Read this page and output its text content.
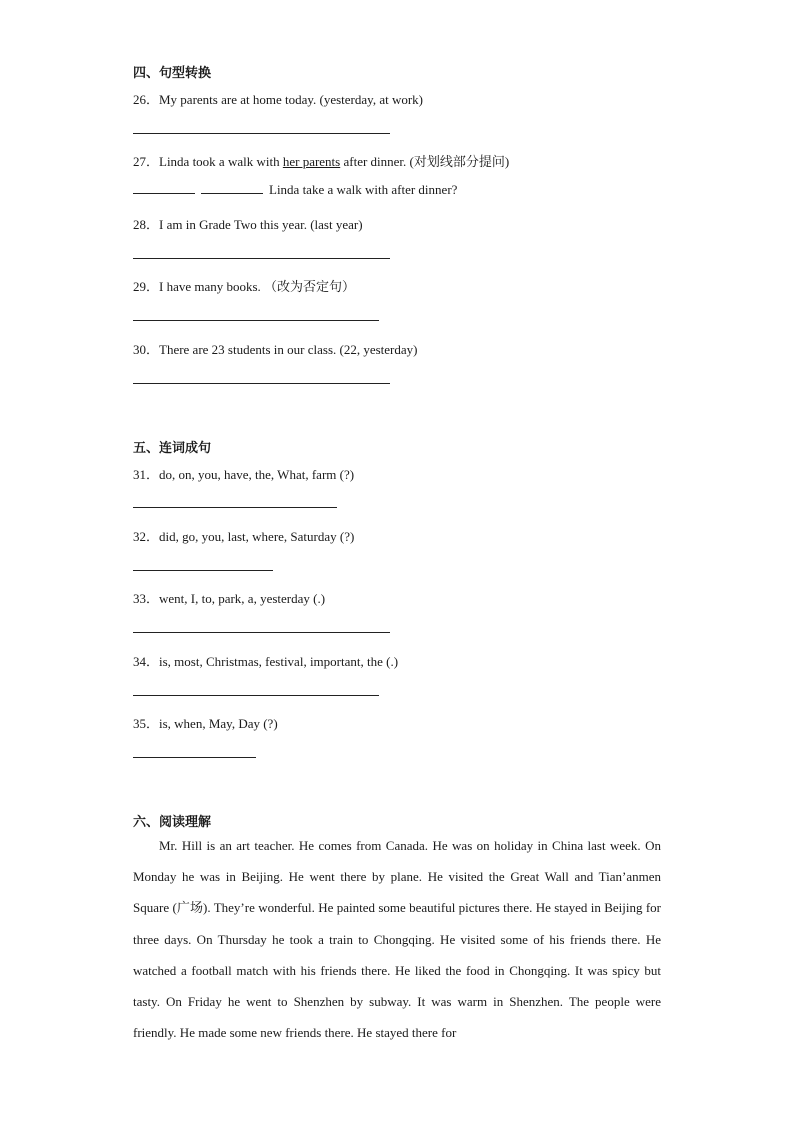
四、句型转换
26．My parents are at home today. (yesterday, at work)
27．Linda took a walk with her parents after dinner. (对划线部分提问)
Linda take a walk with after dinner?
28．I am in Grade Two this year. (last year)
29．I have many books. （改为否定句）
30．There are 23 students in our class. (22, yesterday)
五、连词成句
31．do, on, you, have, the, What, farm (?)
32．did, go, you, last, where, Saturday (?)
33．went, I, to, park, a, yesterday (.)
34．is, most, Christmas, festival, important, the (.)
35．is, when, May, Day (?)
六、阅读理解

Mr. Hill is an art teacher. He comes from Canada. He was on holiday in China last week. On Monday he was in Beijing. He went there by plane. He visited the Great Wall and Tian’anmen Square (广场). They’re wonderful. He painted some beautiful pictures there. He stayed in Beijing for three days. On Thursday he took a train to Chongqing. He visited some of his friends there. He watched a football match with his friends there. He liked the food in Chongqing. It was spicy but tasty. On Friday he went to Shenzhen by subway. It was warm in Shenzhen. The people were friendly. He made some new friends there. He stayed there for
